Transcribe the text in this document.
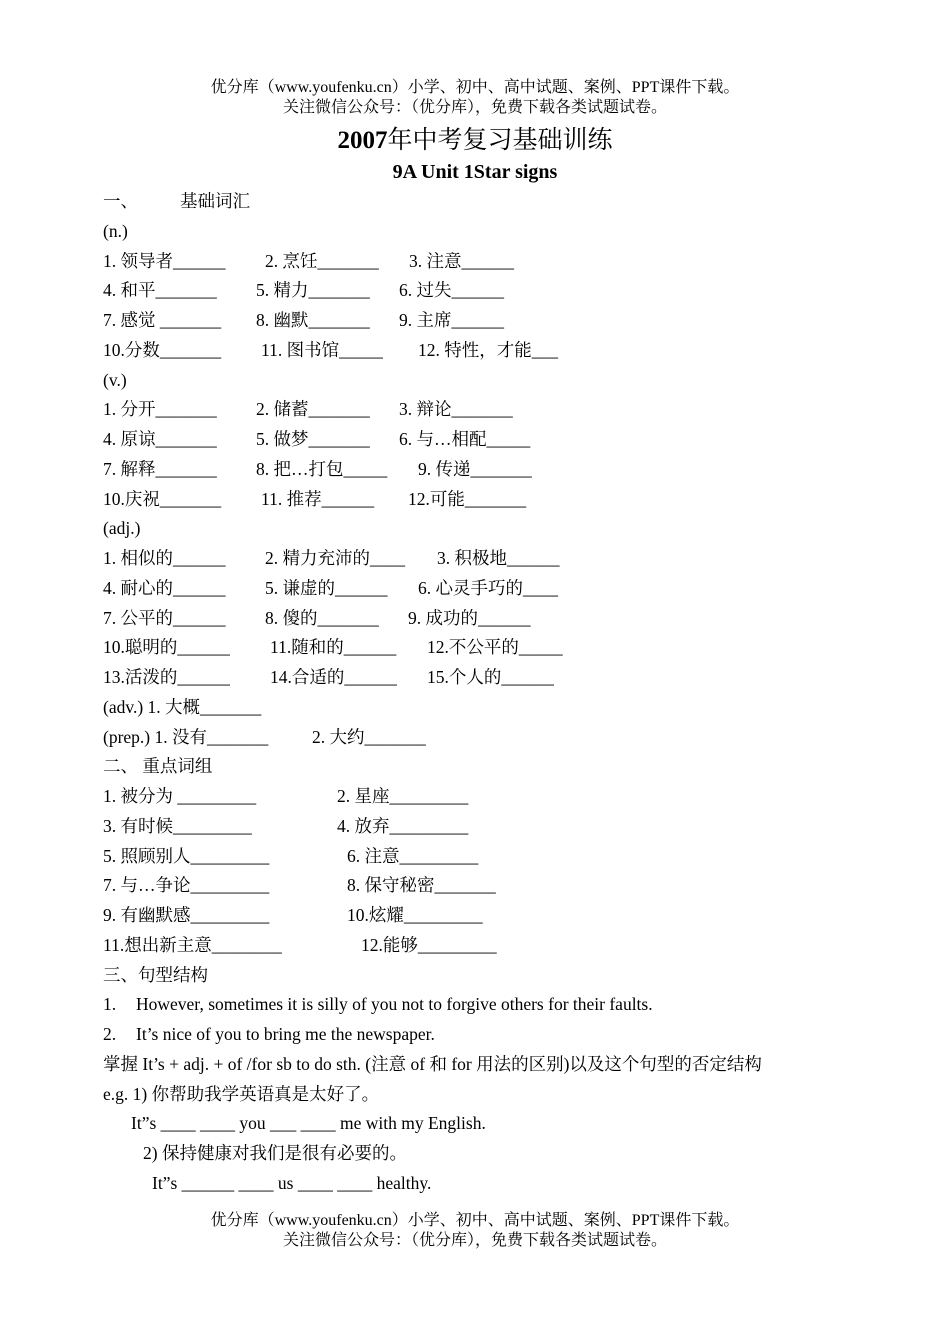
优分库（www.youfenku.cn）小学、初中、高中试题、案例、PPT课件下载。
关注微信公众号：（优分库），免费下载各类试题试卷。
2007年中考复习基础训练
9A Unit 1Star signs
一、 基础词汇
(n.)
1. 领导者______ 2. 烹饪_______ 3. 注意______
4. 和平_______ 5. 精力_______ 6. 过失______
7. 感觉 _______ 8. 幽默_______ 9. 主席______
10.分数_______ 11. 图书馆_____ 12. 特性，才能___
(v.)
1. 分开_______ 2. 储蓄_______ 3. 辩论_______
4. 原谅_______ 5. 做梦_______ 6. 与…相配_____
7. 解释_______ 8. 把…打包_____ 9. 传递_______
10.庆祝_______ 11. 推荐______ 12.可能_______
(adj.)
1. 相似的______ 2. 精力充沛的____ 3. 积极地______
4. 耐心的______ 5. 谦虚的______ 6. 心灵手巧的____
7. 公平的______ 8. 傻的_______ 9. 成功的______
10.聪明的______ 11.随和的______ 12.不公平的_____
13.活泼的______ 14.合适的______ 15.个人的______
(adv.) 1. 大概_______
(prep.) 1. 没有_______ 2. 大约_______
二、 重点词组
1. 被分为 _________	2. 星座_________
3. 有时候_________	4. 放弃_________
5. 照顾别人_________	6. 注意_________
7. 与…争论_________	8. 保守秘密_______
9. 有幽默感_________	10.炫耀_________
11.想出新主意________	12.能够_________
三、句型结构
1. However, sometimes it is silly of you not to forgive others for their faults.
2. It’s nice of you to bring me the newspaper.
掌握 It’s + adj. + of /for sb to do sth. (注意 of 和 for 用法的区别)以及这个句型的否定结构
e.g. 1) 你帮助我学英语真是太好了。
It”s ____ ____ you ___ ____ me with my English.
2) 保持健康对我们是很有必要的。
It”s ______ ____ us ____ ____ healthy.
优分库（www.youfenku.cn）小学、初中、高中试题、案例、PPT课件下载。
关注微信公众号：（优分库），免费下载各类试题试卷。
